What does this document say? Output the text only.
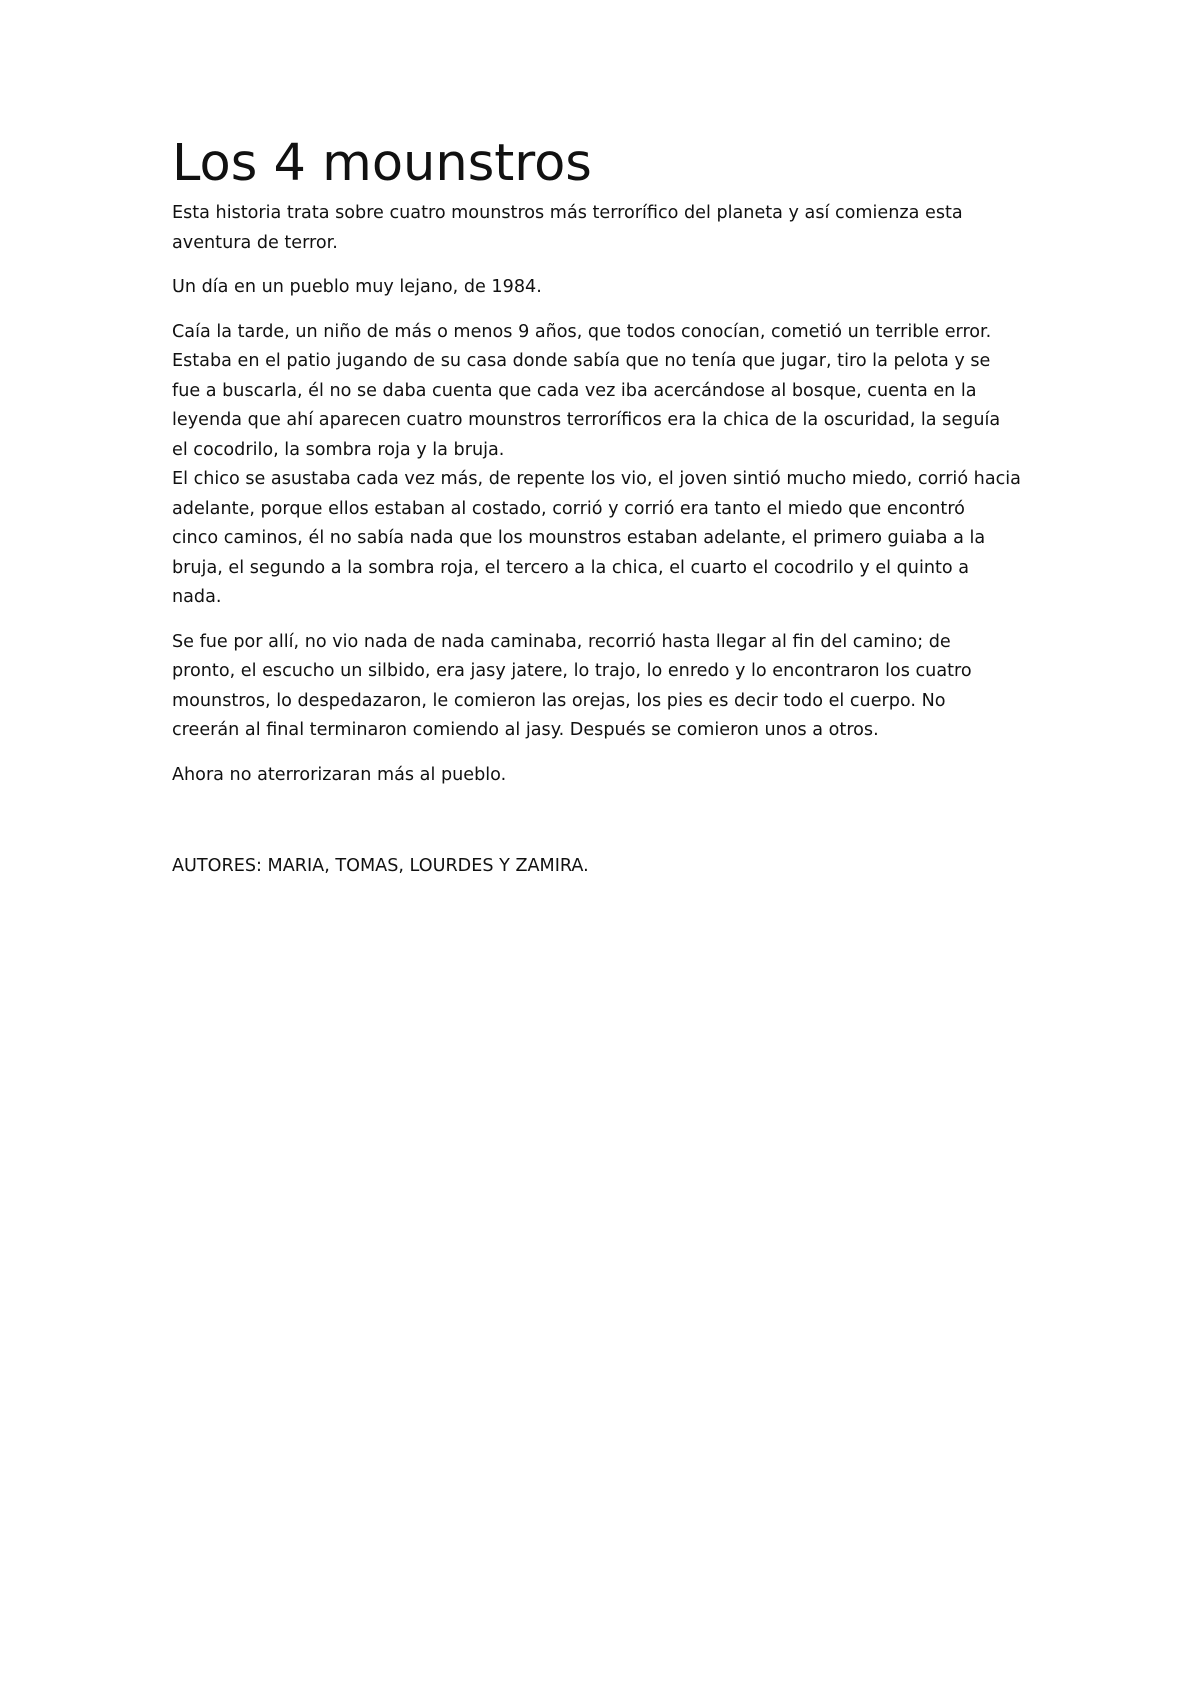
Los 4 mounstros
Esta historia trata sobre cuatro mounstros más terrorífico del planeta y así comienza esta
aventura de terror.
Un día en un pueblo muy lejano, de 1984.
Caía la tarde, un niño de más o menos 9 años, que todos conocían, cometió un terrible error.
Estaba en el patio jugando de su casa donde sabía que no tenía que jugar, tiro la pelota y se
fue a buscarla, él no se daba cuenta que cada vez iba acercándose al bosque, cuenta en la
leyenda que ahí aparecen cuatro mounstros terroríficos era la chica de la oscuridad, la seguía
el cocodrilo, la sombra roja y la bruja.
El chico se asustaba cada vez más, de repente los vio, el joven sintió mucho miedo, corrió hacia
adelante, porque ellos estaban al costado, corrió y corrió era tanto el miedo que encontró
cinco caminos, él no sabía nada que los mounstros estaban adelante, el primero guiaba a la
bruja, el segundo a la sombra roja, el tercero a la chica, el cuarto el cocodrilo y el quinto a
nada.
Se fue por allí, no vio nada de nada caminaba, recorrió hasta llegar al fin del camino; de
pronto, el escucho un silbido, era jasy jatere, lo trajo, lo enredo y lo encontraron los cuatro
mounstros, lo despedazaron, le comieron las orejas, los pies es decir todo el cuerpo. No
creerán al final terminaron comiendo al jasy. Después se comieron unos a otros.
Ahora no aterrorizaran más al pueblo.

AUTORES: MARIA, TOMAS, LOURDES Y ZAMIRA.
